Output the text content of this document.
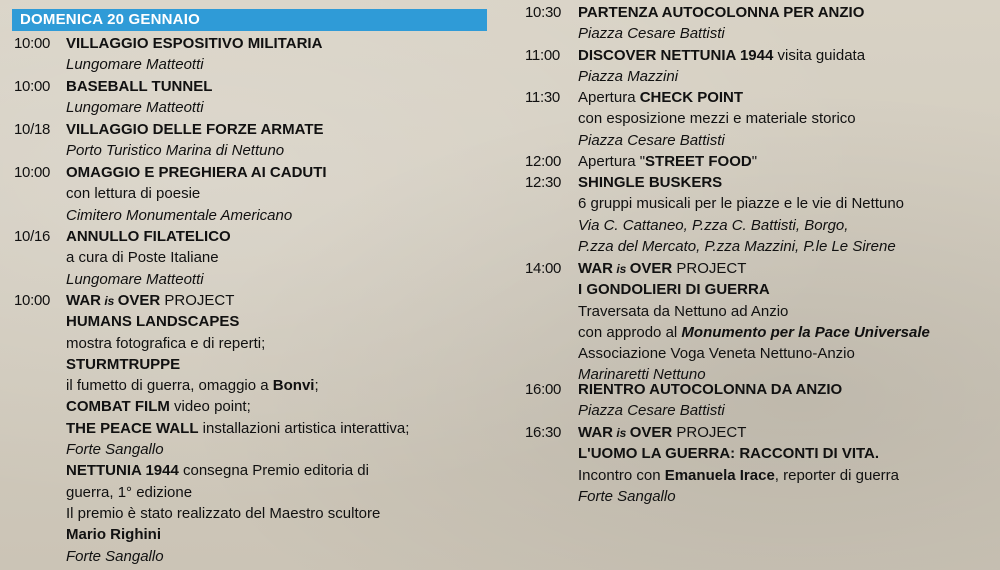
DOMENICA 20 GENNAIO
10:00	VILLAGGIO ESPOSITIVO MILITARIA
Lungomare Matteotti
10:00	BASEBALL TUNNEL
Lungomare Matteotti
10/18	VILLAGGIO DELLE FORZE ARMATE
Porto Turistico Marina di Nettuno
10:00	OMAGGIO E PREGHIERA AI CADUTI
con lettura di poesie
Cimitero Monumentale Americano
10/16	ANNULLO FILATELICO
a cura di Poste Italiane
Lungomare Matteotti
10:00	WAR is OVER PROJECT
HUMANS LANDSCAPES
mostra fotografica e di reperti;
STURMTRUPPE
il fumetto di guerra, omaggio a Bonvi;
COMBAT FILM video point;
THE PEACE WALL installazioni artistica interattiva;
Forte Sangallo
NETTUNIA 1944 consegna Premio editoria di
guerra, 1° edizione
Il premio è stato realizzato del Maestro scultore
Mario Righini
Forte Sangallo
10:30	PARTENZA AUTOCOLONNA PER ANZIO
Piazza Cesare Battisti
11:00	DISCOVER NETTUNIA 1944 visita guidata
Piazza Mazzini
11:30	Apertura CHECK POINT
con esposizione mezzi e materiale storico
Piazza Cesare Battisti
12:00	Apertura "STREET FOOD"
12:30	SHINGLE BUSKERS
6 gruppi musicali per le piazze e le vie di Nettuno
Via C. Cattaneo, P.zza C. Battisti, Borgo,
P.zza del Mercato, P.zza Mazzini, P.le Le Sirene
14:00	WAR is OVER PROJECT
I GONDOLIERI DI GUERRA
Traversata da Nettuno ad Anzio
con approdo al Monumento per la Pace Universale
Associazione Voga Veneta Nettuno-Anzio
Marinaretti Nettuno
16:00	RIENTRO AUTOCOLONNA DA ANZIO
Piazza Cesare Battisti
16:30	WAR is OVER PROJECT
L'UOMO LA GUERRA: RACCONTI DI VITA.
Incontro con Emanuela Irace, reporter di guerra
Forte Sangallo
